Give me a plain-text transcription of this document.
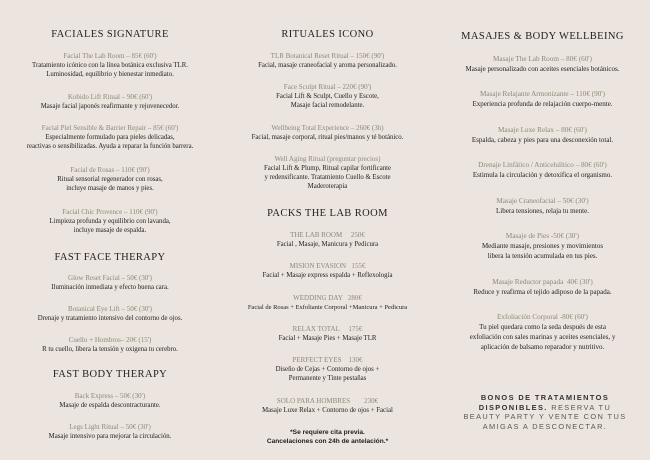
FACIALES SIGNATURE
Facial The Lab Room – 85€ (60')
Tratamiento icónico con la línea botánica exclusiva TLR.
Luminosidad, equilibrio y bienestar inmediato.
Kobido Lift Ritual – 90€ (60')
Masaje facial japonés reafirmante y rejuvenecedor.
Facial Piel Sensible & Barrier Repair – 85€ (60')
Especialmente formulado para pieles delicadas,
reactivas o sensibilizadas. Ayuda a reparar la función barrera.
Facial de Rosas – 110€ (90')
Ritual sensorial regenerador con rosas,
incluye masaje de manos y pies.
Facial Chic Provence – 110€ (90')
Limpieza profunda y equilibrio con lavanda,
incluye masaje de espalda.
FAST FACE THERAPY
Glow Reset Facial – 50€ (30')
Iluminación inmediata y efecto buena cara.
Botanical Eye Lift – 50€ (30')
Drenaje y tratamiento intensivo del contorno de ojos.
Cuello + Hombros– 20€ (15')
R tu cuello, libera la tensión y oxigena tu cerebro.
FAST BODY THERAPY
Back Express – 50€ (30')
Masaje de espalda descontracturante.
Legs Light Ritual – 50€ (30')
Masaje intensivo para mejorar la circulación.
RITUALES ICONO
TLR Botanical Reset Ritual – 150€ (90')
Facial, masaje craneofacial y aroma personalizado.
Face Sculpt Ritual – 220€ (90')
Facial Lift & Sculpt, Cuello y Escote,
Masaje facial remodelante.
Wellbeing Total Experience – 260€ (3h)
Facial, masaje corporal, ritual pies/manos y té botánico.
Well Aging Ritual (preguntar precios)
Facial Lift & Plump, Ritual capilar fortificante
y redensificante. Tratamiento Cuello & Escote
Maderoterapia
PACKS THE LAB ROOM
THE LAB ROOM     250€
Facial , Masaje, Manicura y Pedicura
MISION EVASION   155€
Facial + Masaje express espalda + Reflexología
WEDDING DAY   280€
Facial de Rosas + Exfoliante Corporal +Manicura + Pedicura
RELAX TOTAL     175€
Facial + Masaje Pies + Masaje TLR
PERFECT EYES    130€
Diseño de Cejas + Contorno de ojos +
Permanente y Tinte pestañas
SOLO PARA HOMBRES        230€
Masaje Luxe Relax + Contorno de ojos + Facial
*Se requiere cita previa.
Cancelaciones con 24h de antelación.*
MASAJES & BODY WELLBEING
Masaje The Lab Room – 80€ (60')
Masaje personalizado con aceites esenciales botánicos.
Masaje Relajante Armonizante – 110€ (90')
Experiencia profunda de relajación cuerpo-mente.
Masaje Luxe Relax – 80€ (60')
Espalda, cabeza y pies para una desconexión total.
Drenaje Linfático / Anticelulítico – 80€ (60')
Estimula la circulación y detoxifica el organismo.
Masaje Craneofacial – 50€ (30')
Libera tensiones, relaja tu mente.
Masaje de Pies -50€ (30')
Mediante masaje, presiones y movimientos
libera la tensión acumulada en tus pies.
Masaje Reductor papada  40€ (30')
Reduce y reafirma el tejido adiposo de la papada.
Exfoliación Corporal -80€ (60')
Tu piel quedara como la seda después de esta
exfoliación con sales marinas y aceites esenciales, y
aplicación de balsamo reparador y nutritivo.
BONOS DE TRATAMIENTOS DISPONIBLES. RESERVA TU BEAUTY PARTY Y VENTE CON TUS AMIGAS A DESCONECTAR.
